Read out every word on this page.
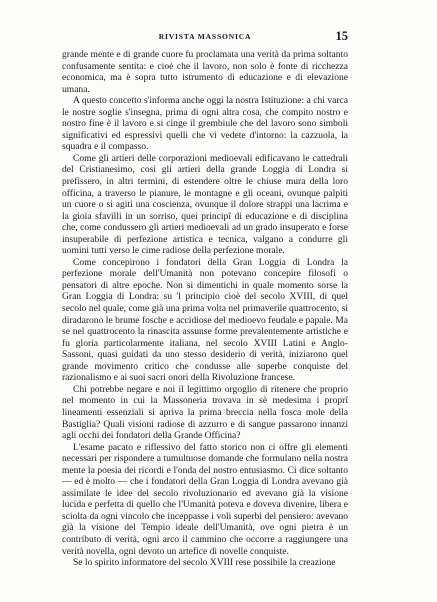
RIVISTA MASSONICA	15

grande mente e di grande cuore fu proclamata una verità da prima soltanto confusamente sentita: e cioè che il lavoro, non solo è fonte di ricchezza economica, ma è sopra tutto istrumento di educazione e di elevazione umana.

A questo concetto s'informa anche oggi la nostra Istituzione: a chi varca le nostre soglie s'insegna, prima di ogni altra cosa, che compito nostro e nostro fine è il lavoro e si cinge il grembiule che del lavoro sono simboli significativi ed espressivi quelli che vi vedete d'intorno: la cazzuola, la squadra e il compasso.

Come gli artieri delle corporazioni medioevali edificavano le cattedrali del Cristianesimo, così gli artieri della grande Loggia di Londra si prefissero, in altri termini, di estendere oltre le chiuse mura della loro officina, a traverso le pianure, le montagne e gli oceani, ovunque palpiti un cuore o si agiti una coscienza, ovunque il dolore strappi una lacrima e la gioia sfavilli in un sorriso, quei principî di educazione e di disciplina che, come condussero gli artieri medioevali ad un grado insuperato e forse insuperabile di perfezione artistica e tecnica, valgano a condurre gli uomini tutti verso le cime radiose della perfezione morale.

Come concepirono i fondatori della Gran Loggia di Londra la perfezione morale dell'Umanità non potevano concepire filosofi o pensatori di altre epoche. Non si dimentichi in quale momento sorse la Gran Loggia di Londra: su 'l principio cioè del secolo XVIII, di quel secolo nel quale, come già una prima volta nel primaverile quattrocento, si diradarono le brume fosche e accidiose del medioevo feudale e papale. Ma se nel quattrocento la rinascita assunse forme prevalentemente artistiche e fu gloria particolarmente italiana, nel secolo XVIII Latini e Anglo-Sassoni, quasi guidati da uno stesso desiderio di verità, iniziarono quel grande movimento critico che condusse alle superbe conquiste del razionalismo e ai suoi sacri onori della Rivoluzione francese.

Chi potrebbe negare e noi il legittimo orgoglio di ritenere che proprio nel momento in cui la Massoneria trovava in sè medesima i proprî lineamenti essenziali si apriva la prima breccia nella fosca mole della Bastiglia? Quali visioni radiose di azzurro e di sangue passarono innanzi agli occhi dei fondatori della Grande Officina?

L'esame pacato e riflessivo del fatto storico non ci offre gli elementi necessari per rispondere a tumultuose domande che formulano nella nostra mente la poesia dei ricordi e l'onda del nostro entusiasmo. Ci dice soltanto — ed è molto — che i fondatori della Gran Loggia di Londra avevano già assimilate le idee del secolo rivoluzionario ed avevano già la visione lucida e perfetta di quello che l'Umanità poteva e doveva divenire, libera e sciolta da ogni vincolo che inceppasse i voli superbi del pensiero: avevano già la visione del Tempio ideale dell'Umanità, ove ogni pietra è un contributo di verità, ogni arco il cammino che occorre a raggiungere una verità novella, ogni devoto un artefice di novelle conquiste.

Se lo spirito informatore del secolo XVIII rese possibile la creazione
